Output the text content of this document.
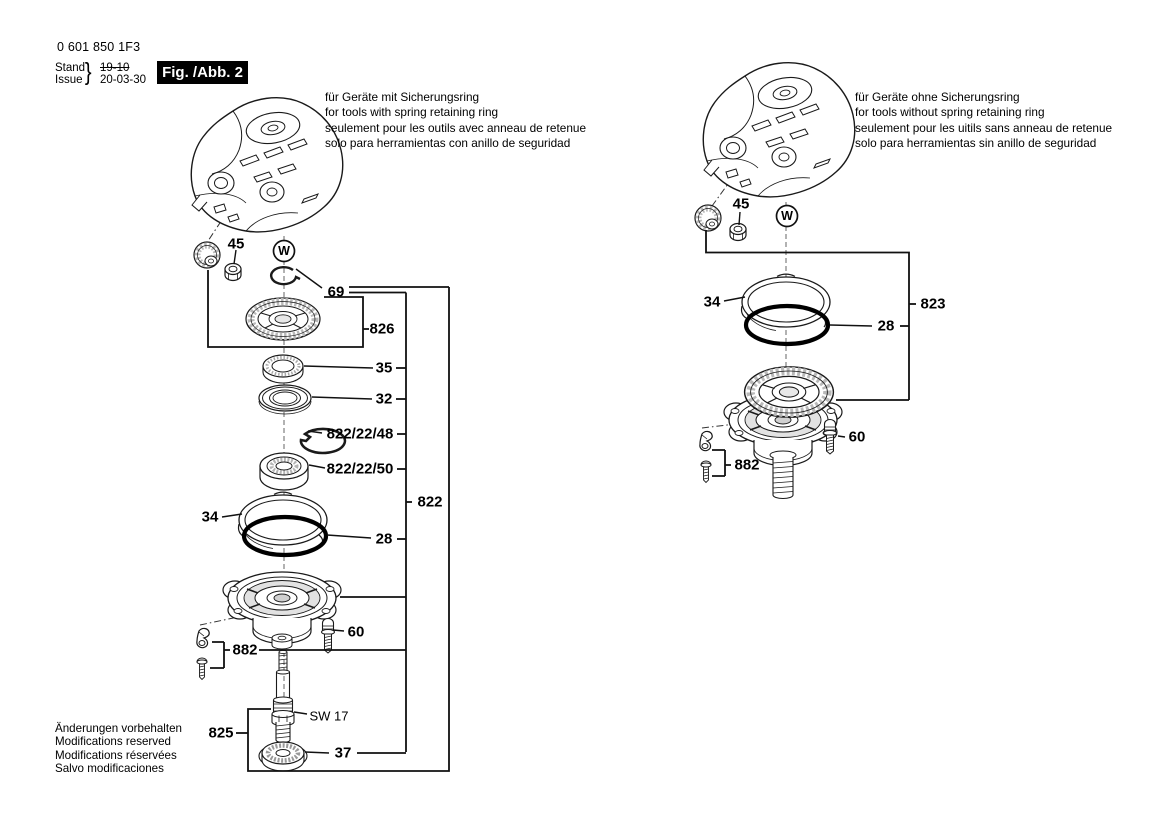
0 601 850 1F3
Stand
Issue } 19-10
20-03-30 Fig. /Abb. 2
für Geräte mit Sicherungsring
for tools with spring retaining ring
seulement pour les outils avec anneau de retenue
solo para herramientas con anillo de seguridad
für Geräte ohne Sicherungsring
for tools without spring retaining ring
seulement pour les uitils sans anneau de retenue
solo para herramientas sin anillo de seguridad
45	W
69
826
35
32
822/22/48
822/22/50
34
28
822
60
882
825
SW 17
37
45
W
34	823
28
60
882
Änderungen vorbehalten
Modifications reserved
Modifications réservées
Salvo modificaciones
